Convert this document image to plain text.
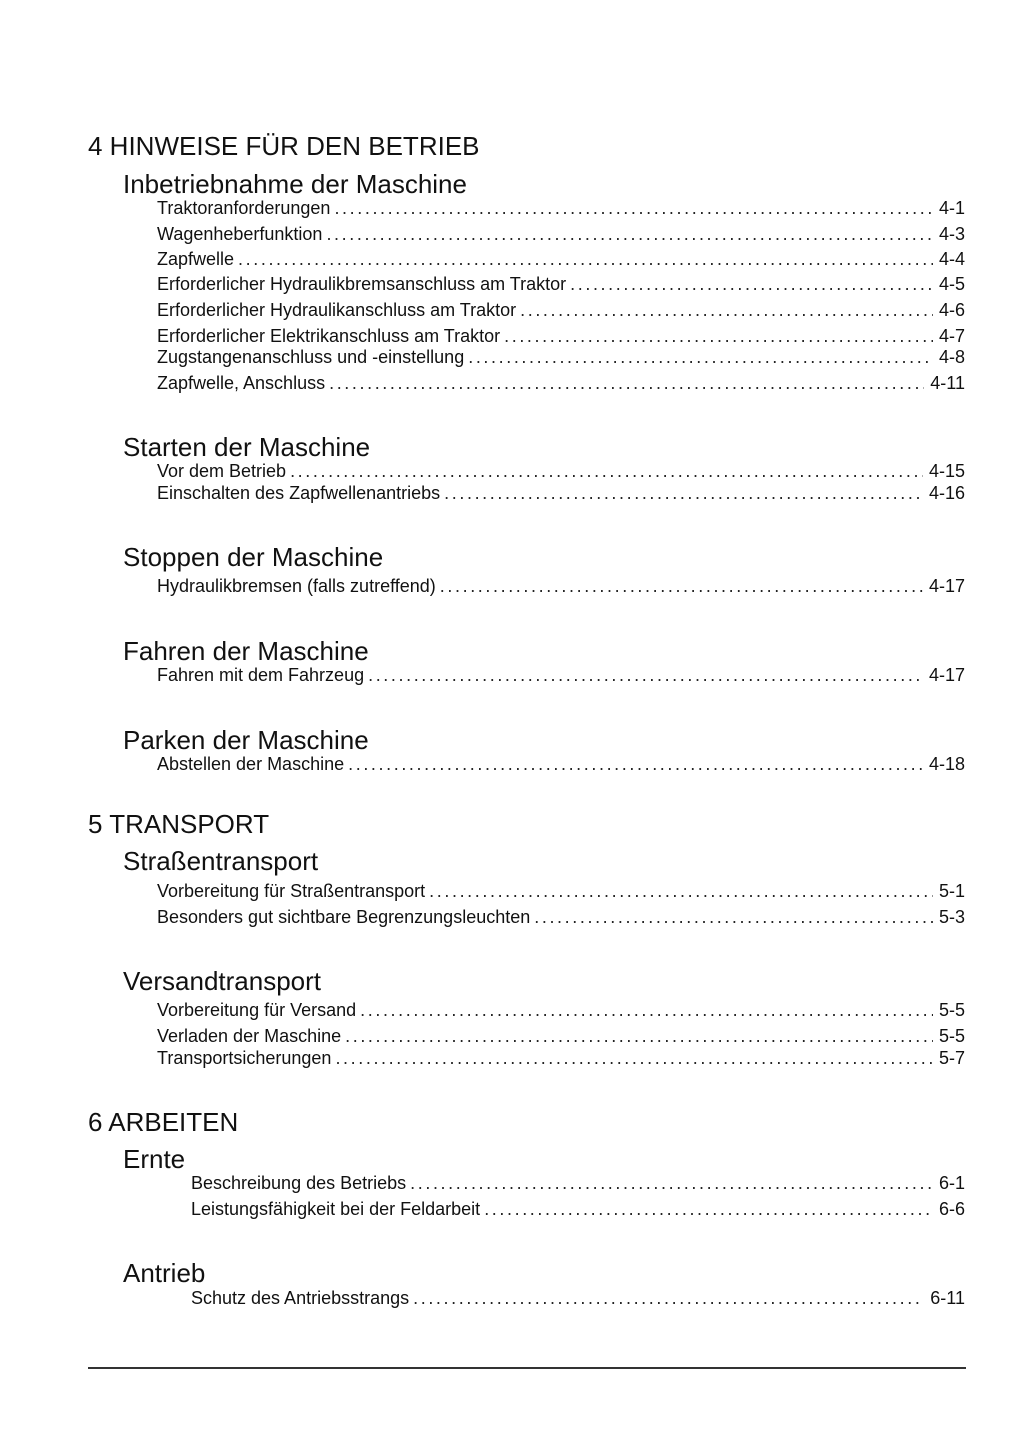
4 HINWEISE FÜR DEN BETRIEB
Inbetriebnahme der Maschine
Traktoranforderungen . . .	4-1
Wagenheberfunktion . . .	4-3
Zapfwelle . . .	4-4
Erforderlicher Hydraulikbremsanschluss am Traktor . . .	4-5
Erforderlicher Hydraulikanschluss am Traktor . . .	4-6
Erforderlicher Elektrikanschluss am Traktor . . .	4-7
Zugstangenanschluss und -einstellung . . .	4-8
Zapfwelle, Anschluss . . .	4-11
Starten der Maschine
Vor dem Betrieb . . .	4-15
Einschalten des Zapfwellenantriebs . . .	4-16
Stoppen der Maschine
Hydraulikbremsen (falls zutreffend) . . .	4-17
Fahren der Maschine
Fahren mit dem Fahrzeug . . .	4-17
Parken der Maschine
Abstellen der Maschine . . .	4-18
5 TRANSPORT
Straßentransport
Vorbereitung für Straßentransport . . .	5-1
Besonders gut sichtbare Begrenzungsleuchten . . .	5-3
Versandtransport
Vorbereitung für Versand . . .	5-5
Verladen der Maschine . . .	5-5
Transportsicherungen . . .	5-7
6 ARBEITEN
Ernte
Beschreibung des Betriebs . . .	6-1
Leistungsfähigkeit bei der Feldarbeit . . .	6-6
Antrieb
Schutz des Antriebsstrangs . . .	6-11
